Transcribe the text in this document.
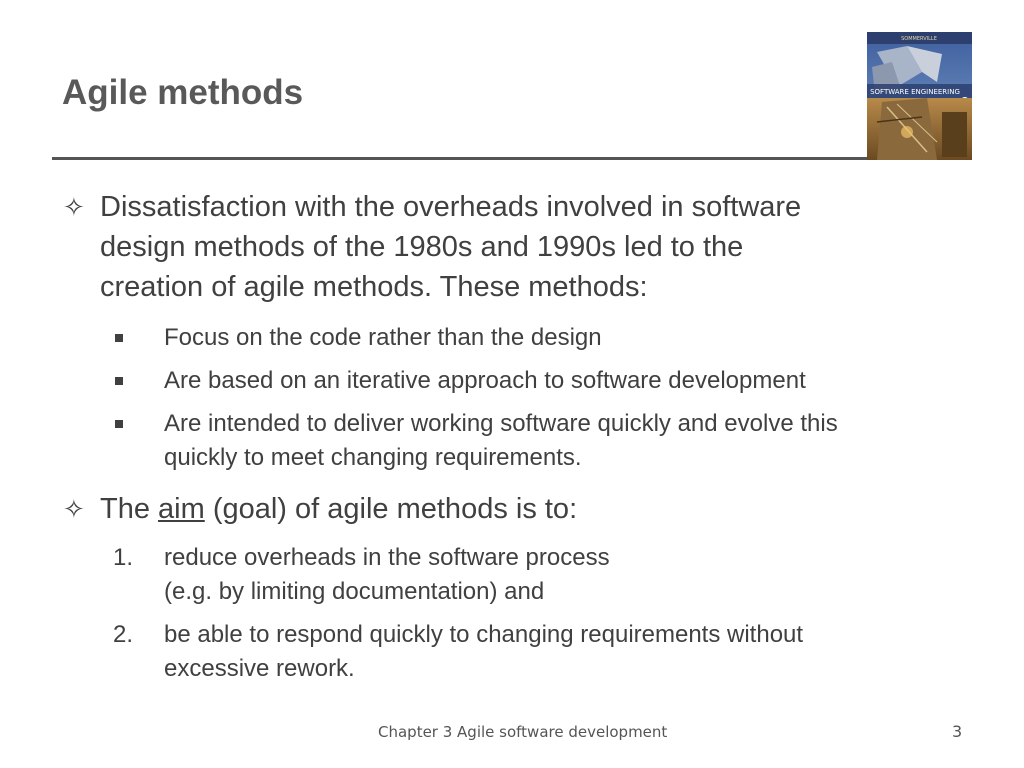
Agile methods
SOMMERVILLE
SOFTWARE ENGINEERING
✧ Dissatisfaction with the overheads involved in software
design methods of the 1980s and 1990s led to the
creation of agile methods. These methods:
Focus on the code rather than the design
Are based on an iterative approach to software development
Are intended to deliver working software quickly and evolve this
quickly to meet changing requirements.
✧ The aim (goal) of agile methods is to:
1. reduce overheads in the software process
(e.g. by limiting documentation) and
2. be able to respond quickly to changing requirements without
excessive rework.
Chapter 3 Agile software development	3
